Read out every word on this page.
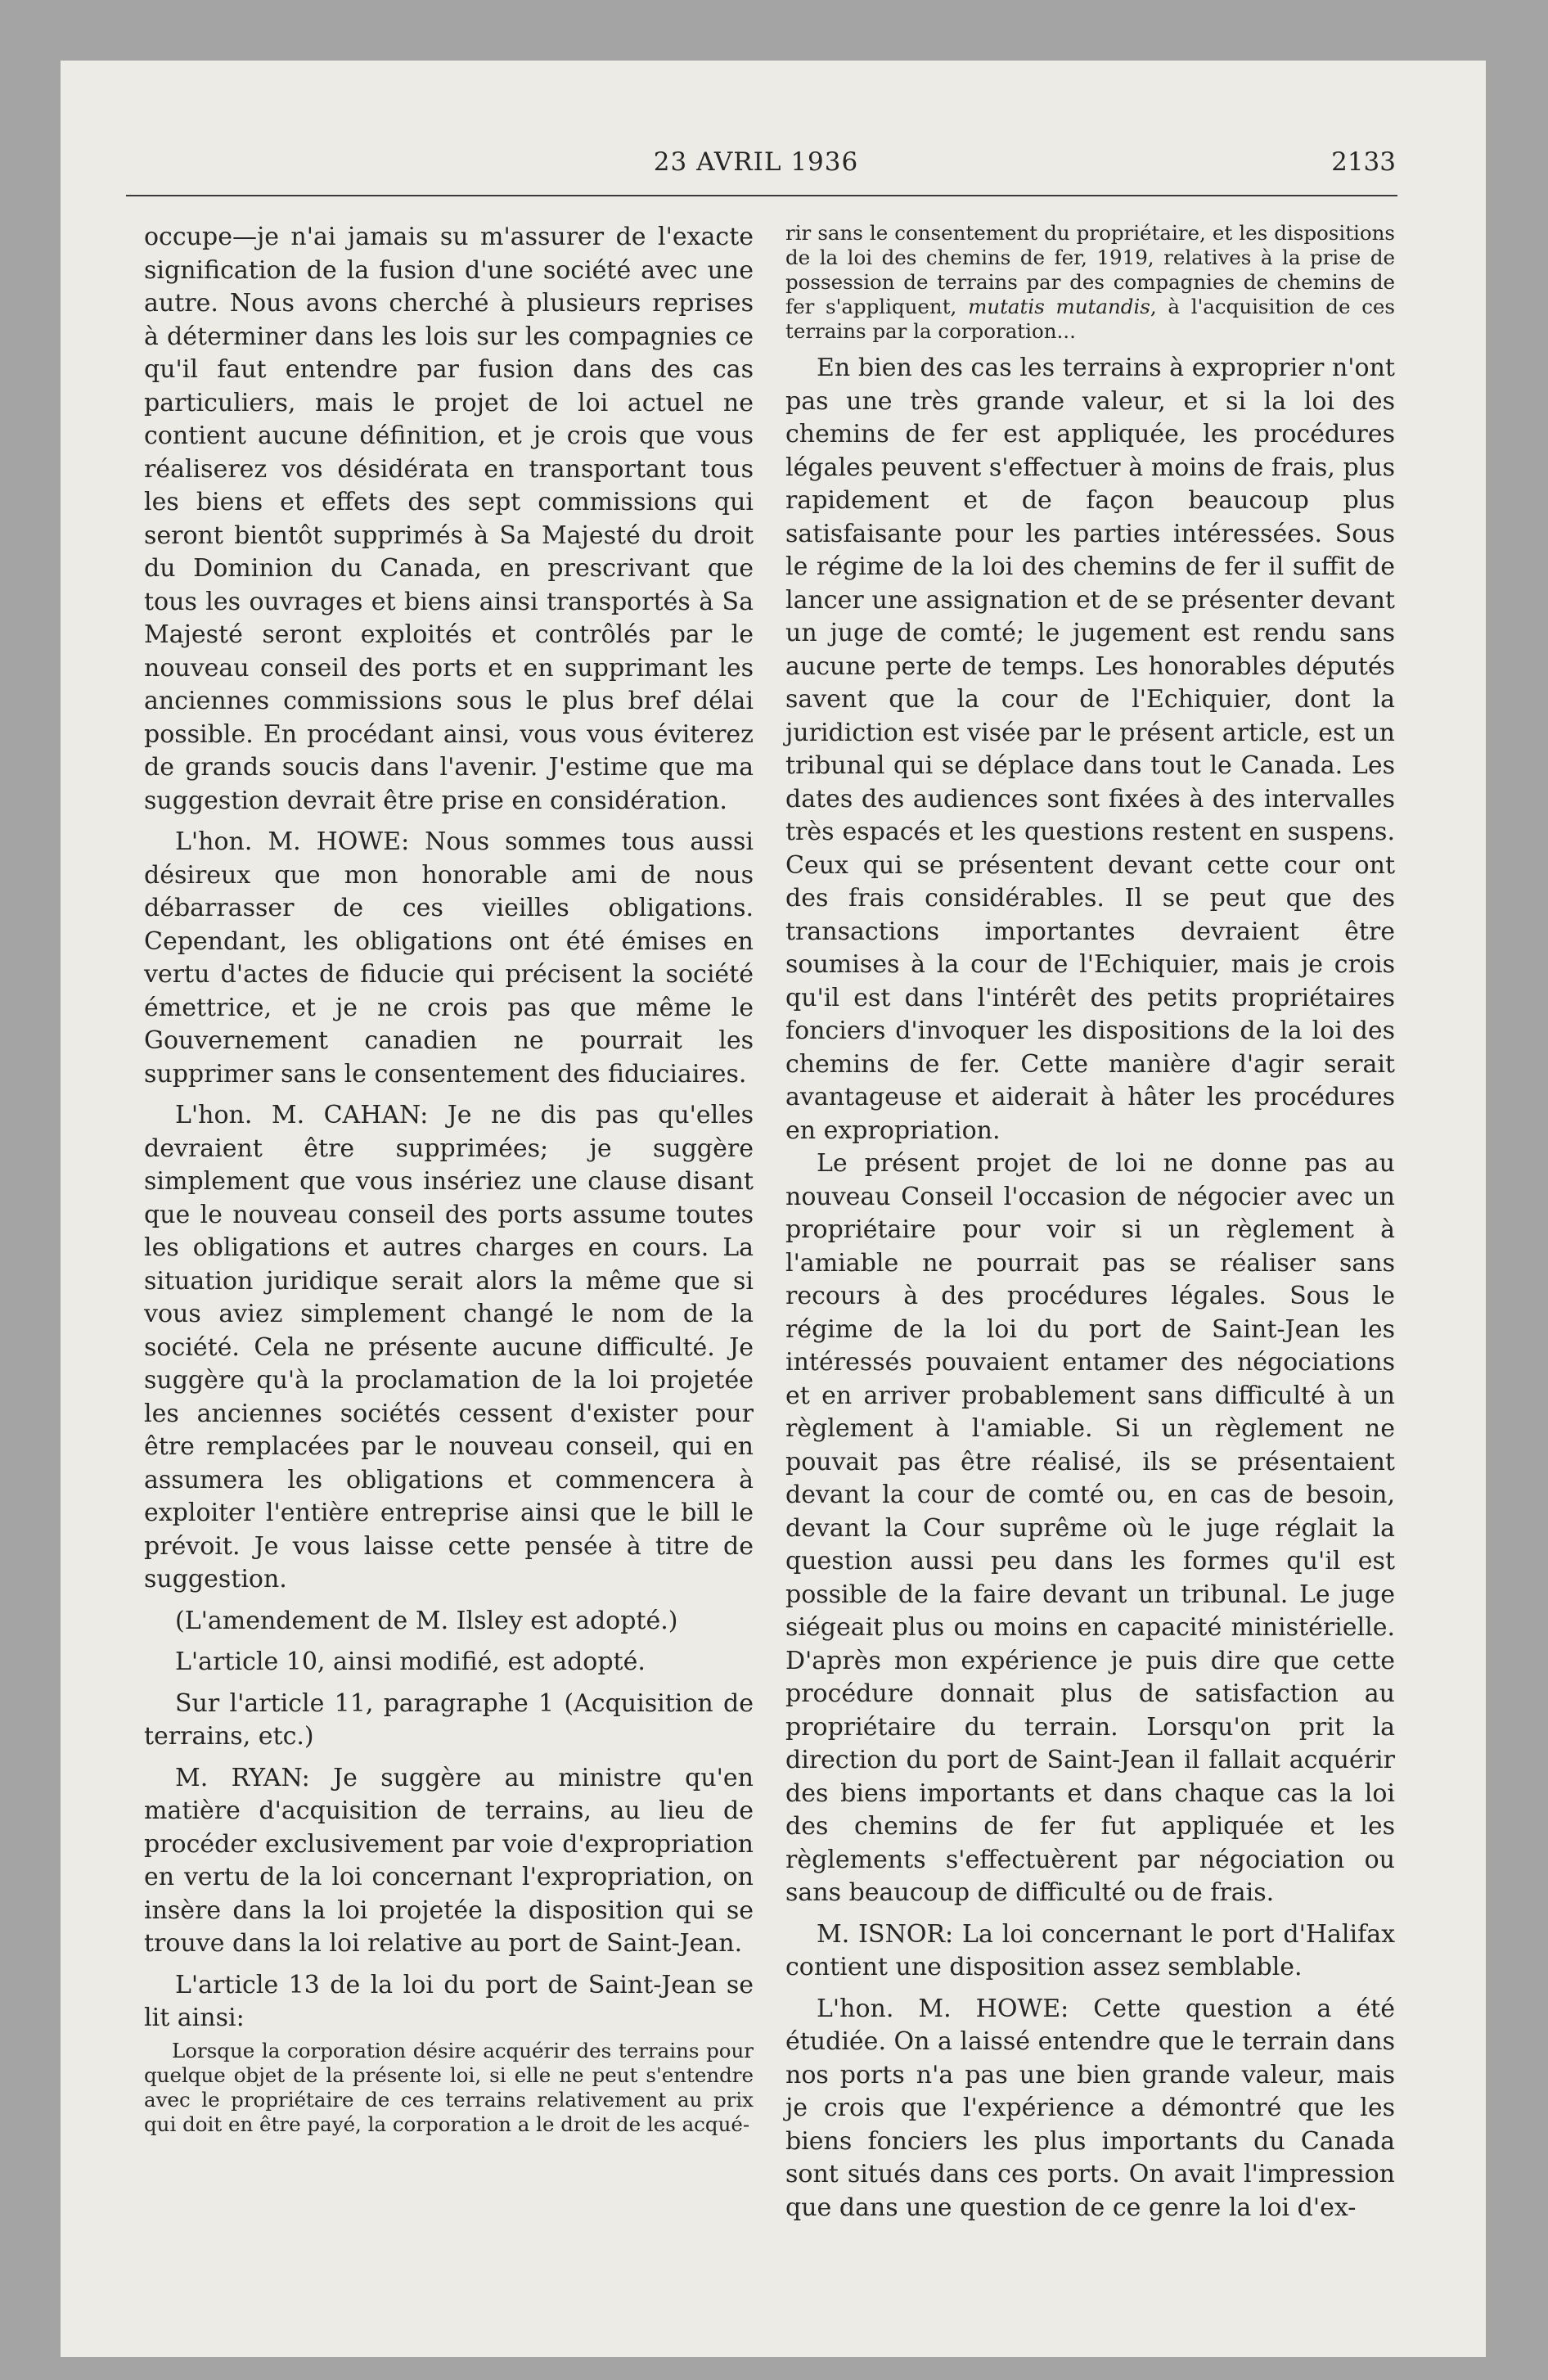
23 AVRIL 1936	2133

occupe—je n'ai jamais su m'assurer de l'exacte signification de la fusion d'une société avec une autre. Nous avons cherché à plusieurs reprises à déterminer dans les lois sur les compagnies ce qu'il faut entendre par fusion dans des cas particuliers, mais le projet de loi actuel ne contient aucune définition, et je crois que vous réaliserez vos désidérata en transportant tous les biens et effets des sept commissions qui seront bientôt supprimés à Sa Majesté du droit du Dominion du Canada, en prescrivant que tous les ouvrages et biens ainsi transportés à Sa Majesté seront exploités et contrôlés par le nouveau conseil des ports et en supprimant les anciennes commissions sous le plus bref délai possible. En procédant ainsi, vous vous éviterez de grands soucis dans l'avenir. J'estime que ma suggestion devrait être prise en considération.

L'hon. M. HOWE: Nous sommes tous aussi désireux que mon honorable ami de nous débarrasser de ces vieilles obligations. Cependant, les obligations ont été émises en vertu d'actes de fiducie qui précisent la société émettrice, et je ne crois pas que même le Gouvernement canadien ne pourrait les supprimer sans le consentement des fiduciaires.

L'hon. M. CAHAN: Je ne dis pas qu'elles devraient être supprimées; je suggère simplement que vous insériez une clause disant que le nouveau conseil des ports assume toutes les obligations et autres charges en cours. La situation juridique serait alors la même que si vous aviez simplement changé le nom de la société. Cela ne présente aucune difficulté. Je suggère qu'à la proclamation de la loi projetée les anciennes sociétés cessent d'exister pour être remplacées par le nouveau conseil, qui en assumera les obligations et commencera à exploiter l'entière entreprise ainsi que le bill le prévoit. Je vous laisse cette pensée à titre de suggestion.

(L'amendement de M. Ilsley est adopté.)

L'article 10, ainsi modifié, est adopté.

Sur l'article 11, paragraphe 1 (Acquisition de terrains, etc.)

M. RYAN: Je suggère au ministre qu'en matière d'acquisition de terrains, au lieu de procéder exclusivement par voie d'expropriation en vertu de la loi concernant l'expropriation, on insère dans la loi projetée la disposition qui se trouve dans la loi relative au port de Saint-Jean.

L'article 13 de la loi du port de Saint-Jean se lit ainsi:

Lorsque la corporation désire acquérir des terrains pour quelque objet de la présente loi, si elle ne peut s'entendre avec le propriétaire de ces terrains relativement au prix qui doit en être payé, la corporation a le droit de les acqué-

rir sans le consentement du propriétaire, et les dispositions de la loi des chemins de fer, 1919, relatives à la prise de possession de terrains par des compagnies de chemins de fer s'appliquent, mutatis mutandis, à l'acquisition de ces terrains par la corporation...

En bien des cas les terrains à exproprier n'ont pas une très grande valeur, et si la loi des chemins de fer est appliquée, les procédures légales peuvent s'effectuer à moins de frais, plus rapidement et de façon beaucoup plus satisfaisante pour les parties intéressées. Sous le régime de la loi des chemins de fer il suffit de lancer une assignation et de se présenter devant un juge de comté; le jugement est rendu sans aucune perte de temps. Les honorables députés savent que la cour de l'Echiquier, dont la juridiction est visée par le présent article, est un tribunal qui se déplace dans tout le Canada. Les dates des audiences sont fixées à des intervalles très espacés et les questions restent en suspens. Ceux qui se présentent devant cette cour ont des frais considérables. Il se peut que des transactions importantes devraient être soumises à la cour de l'Echiquier, mais je crois qu'il est dans l'intérêt des petits propriétaires fonciers d'invoquer les dispositions de la loi des chemins de fer. Cette manière d'agir serait avantageuse et aiderait à hâter les procédures en expropriation.

Le présent projet de loi ne donne pas au nouveau Conseil l'occasion de négocier avec un propriétaire pour voir si un règlement à l'amiable ne pourrait pas se réaliser sans recours à des procédures légales. Sous le régime de la loi du port de Saint-Jean les intéressés pouvaient entamer des négociations et en arriver probablement sans difficulté à un règlement à l'amiable. Si un règlement ne pouvait pas être réalisé, ils se présentaient devant la cour de comté ou, en cas de besoin, devant la Cour suprême où le juge réglait la question aussi peu dans les formes qu'il est possible de la faire devant un tribunal. Le juge siégeait plus ou moins en capacité ministérielle. D'après mon expérience je puis dire que cette procédure donnait plus de satisfaction au propriétaire du terrain. Lorsqu'on prit la direction du port de Saint-Jean il fallait acquérir des biens importants et dans chaque cas la loi des chemins de fer fut appliquée et les règlements s'effectuèrent par négociation ou sans beaucoup de difficulté ou de frais.

M. ISNOR: La loi concernant le port d'Halifax contient une disposition assez semblable.

L'hon. M. HOWE: Cette question a été étudiée. On a laissé entendre que le terrain dans nos ports n'a pas une bien grande valeur, mais je crois que l'expérience a démontré que les biens fonciers les plus importants du Canada sont situés dans ces ports. On avait l'impression que dans une question de ce genre la loi d'ex-
